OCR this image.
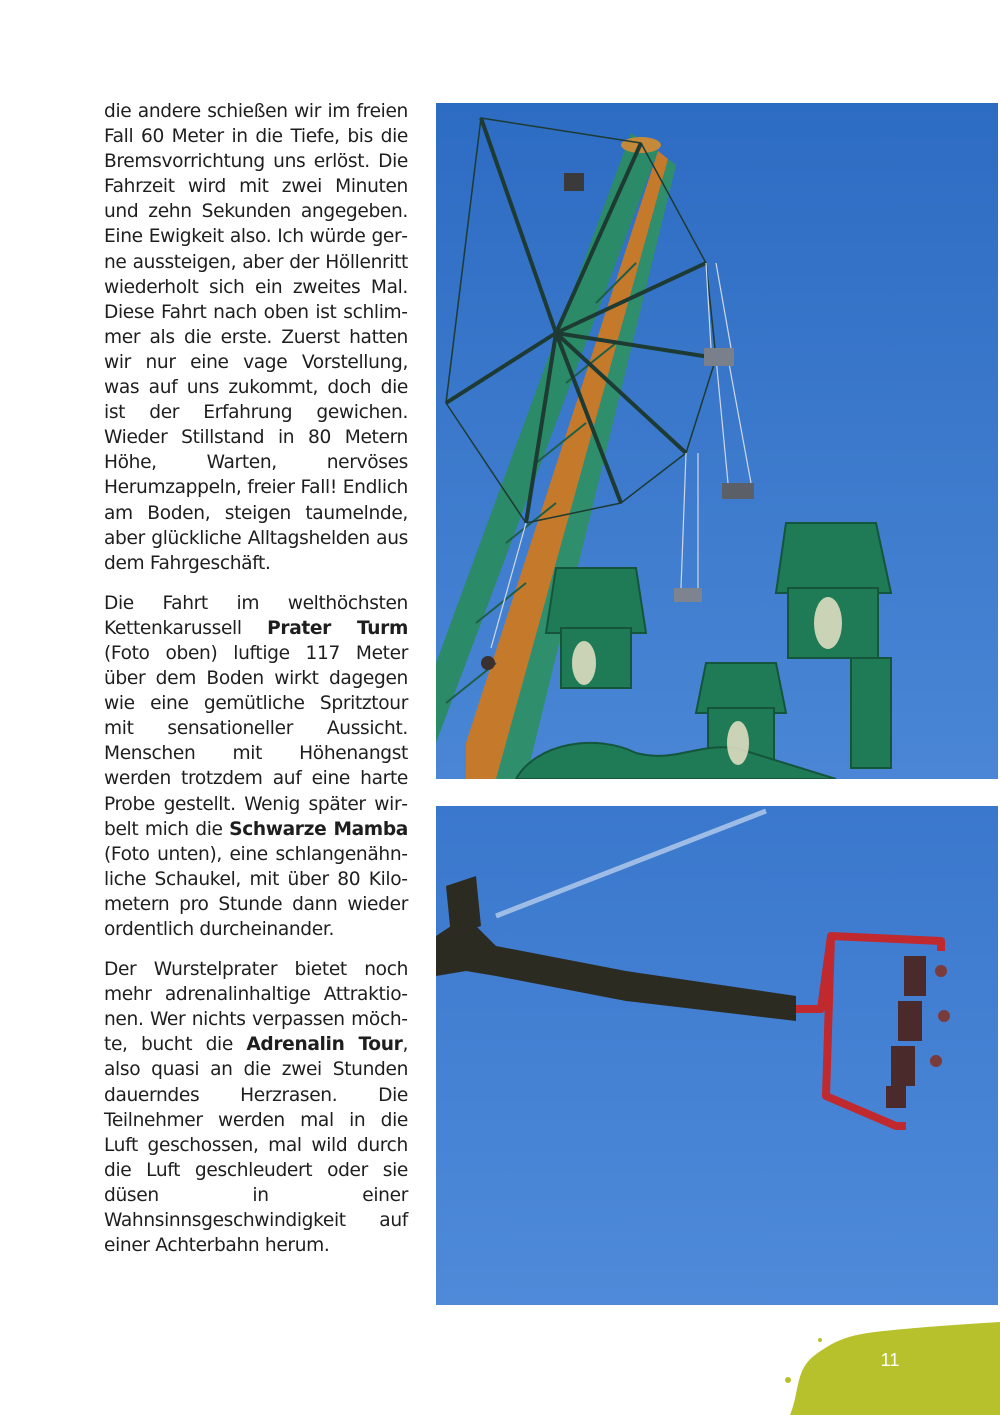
die andere schießen wir im freien Fall 60 Meter in die Tiefe, bis die Bremsvorrichtung uns erlöst. Die Fahrzeit wird mit zwei Minuten und zehn Sekunden angegeben. Eine Ewigkeit also. Ich würde gerne aussteigen, aber der Höllenritt wiederholt sich ein zweites Mal. Diese Fahrt nach oben ist schlimmer als die erste. Zuerst hatten wir nur eine vage Vorstellung, was auf uns zukommt, doch die ist der Erfahrung gewichen. Wieder Stillstand in 80 Metern Höhe, Warten, nervöses Herumzappeln, freier Fall! Endlich am Boden, steigen taumelnde, aber glückliche Alltagshelden aus dem Fahrgeschäft.

Die Fahrt im welthöchsten Kettenkarussell Prater Turm (Foto oben) luftige 117 Meter über dem Boden wirkt dagegen wie eine gemütliche Spritztour mit sensationeller Aussicht. Menschen mit Höhenangst werden trotzdem auf eine harte Probe gestellt. Wenig später wirbelt mich die Schwarze Mamba (Foto unten), eine schlangenähnliche Schaukel, mit über 80 Kilometern pro Stunde dann wieder ordentlich durcheinander.

Der Wurstelprater bietet noch mehr adrenalinhaltige Attraktionen. Wer nichts verpassen möchte, bucht die Adrenalin Tour, also quasi an die zwei Stunden dauerndes Herzrasen. Die Teilnehmer werden mal in die Luft geschossen, mal wild durch die Luft geschleudert oder sie düsen in einer Wahnsinnsgeschwindigkeit auf einer Achterbahn herum.

11
